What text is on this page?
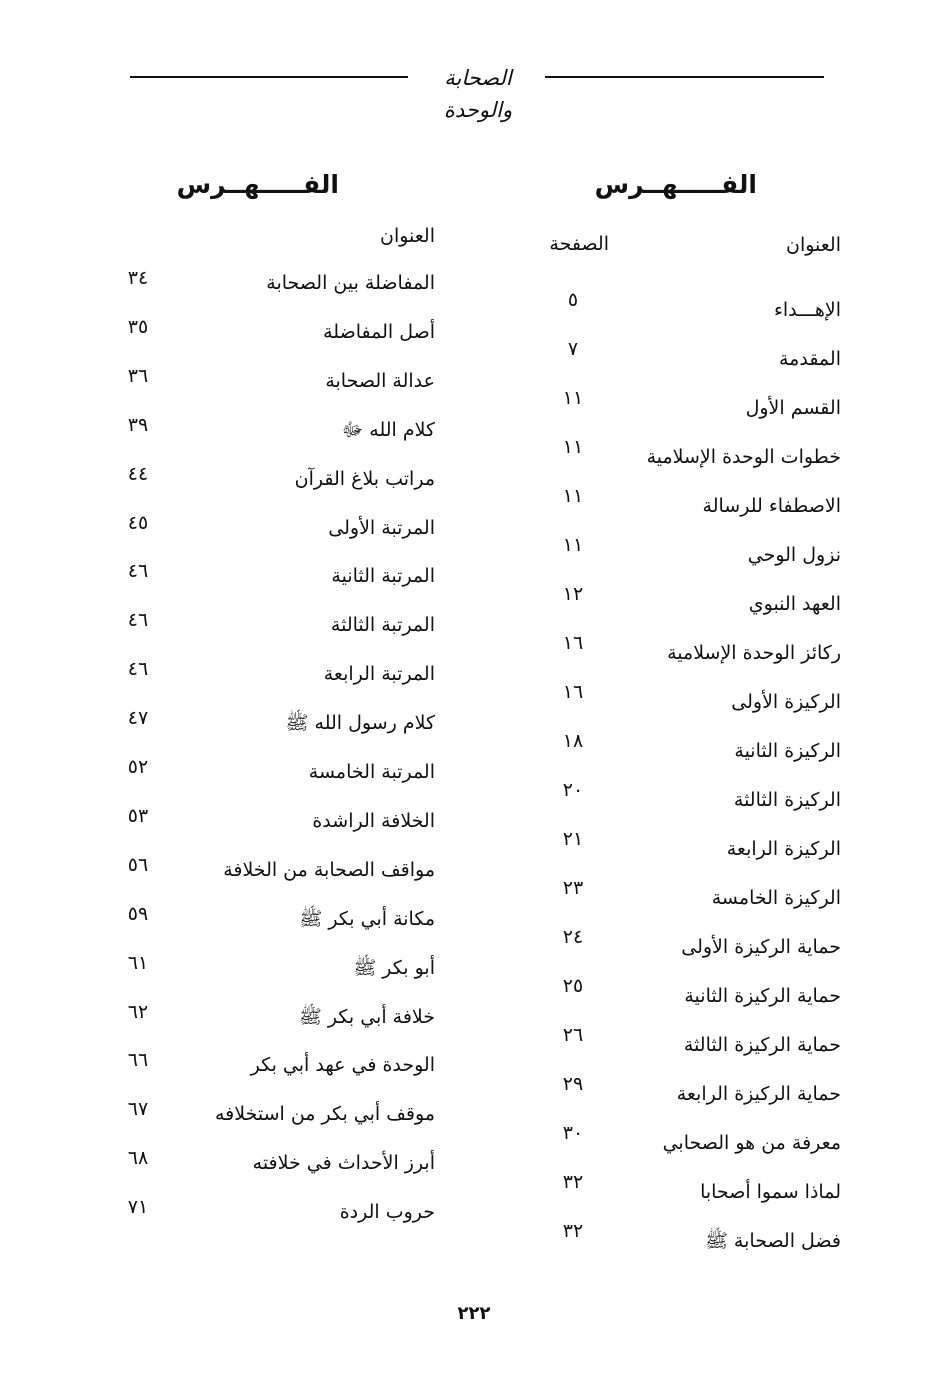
الصحابة والوحدة
الفـــــهــرس
العنوان
الصفحة
الإهـــداء
٥
المقدمة
٧
القسم الأول
١١
خطوات الوحدة الإسلامية
١١
الاصطفاء للرسالة
١١
نزول الوحي
١١
العهد النبوي
١٢
ركائز الوحدة الإسلامية
١٦
الركيزة الأولى
١٦
الركيزة الثانية
١٨
الركيزة الثالثة
٢٠
الركيزة الرابعة
٢١
الركيزة الخامسة
٢٣
حماية الركيزة الأولى
٢٤
حماية الركيزة الثانية
٢٥
حماية الركيزة الثالثة
٢٦
حماية الركيزة الرابعة
٢٩
معرفة من هو الصحابي
٣٠
لماذا سموا أصحابا
٣٢
فضل الصحابة ﷺ
٣٢
الفـــــهــرس
العنوان
المفاضلة بين الصحابة
٣٤
أصل المفاضلة
٣٥
عدالة الصحابة
٣٦
كلام الله ﷻ
٣٩
مراتب بلاغ القرآن
٤٤
المرتبة الأولى
٤٥
المرتبة الثانية
٤٦
المرتبة الثالثة
٤٦
المرتبة الرابعة
٤٦
كلام رسول الله ﷺ
٤٧
المرتبة الخامسة
٥٢
الخلافة الراشدة
٥٣
مواقف الصحابة من الخلافة
٥٦
مكانة أبي بكر ﷺ
٥٩
أبو بكر ﷺ
٦١
خلافة أبي بكر ﷺ
٦٢
الوحدة في عهد أبي بكر
٦٦
موقف أبي بكر من استخلافه
٦٧
أبرز الأحداث في خلافته
٦٨
حروب الردة
٧١
٢٢٢
